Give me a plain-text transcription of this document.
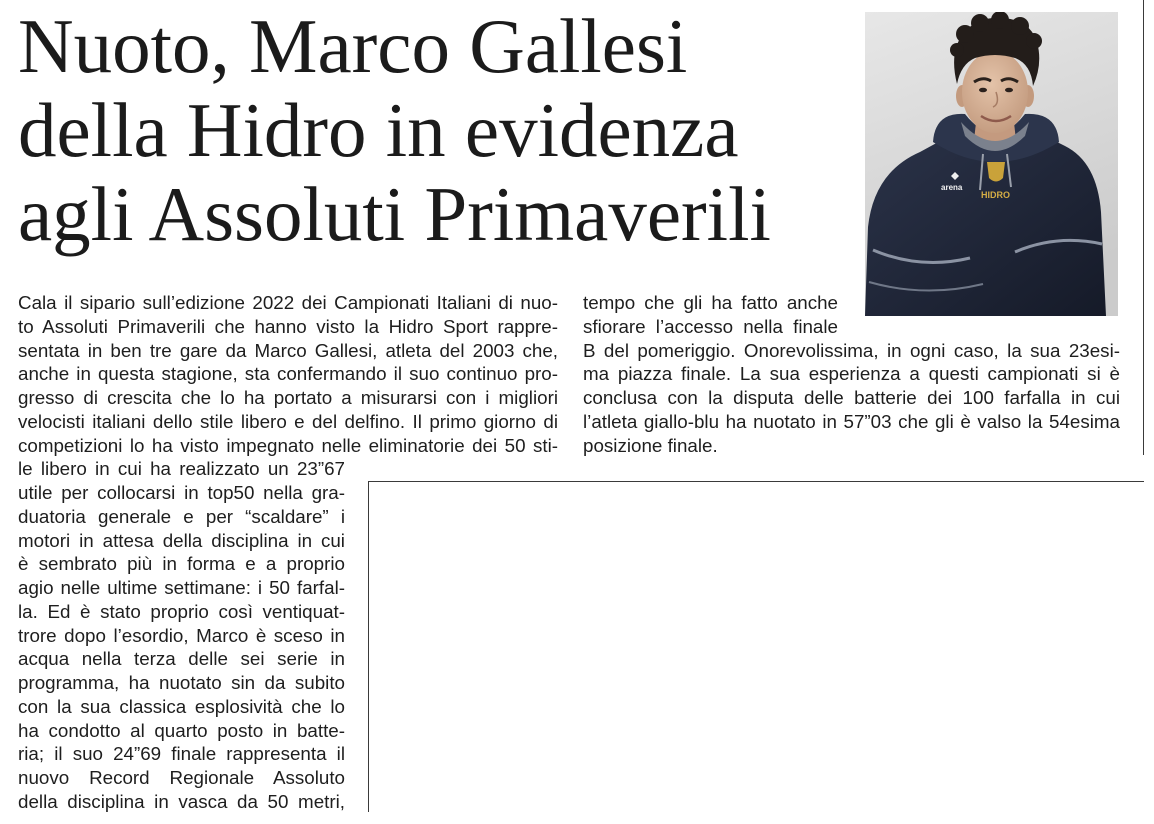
Nuoto, Marco Gallesi
della Hidro in evidenza
agli Assoluti Primaverili	arena
HIDRO
Cala il sipario sull’edizione 2022 dei Campionati Italiani di nuo-
to Assoluti Primaverili che hanno visto la Hidro Sport rappre-
sentata in ben tre gare da Marco Gallesi, atleta del 2003 che,
anche in questa stagione, sta confermando il suo continuo pro-
gresso di crescita che lo ha portato a misurarsi con i migliori
velocisti italiani dello stile libero e del delfino. Il primo giorno di
competizioni lo ha visto impegnato nelle eliminatorie dei 50 sti-
le libero in cui ha realizzato un 23”67
utile per collocarsi in top50 nella gra-
duatoria generale e per “scaldare” i
motori in attesa della disciplina in cui
è sembrato più in forma e a proprio
agio nelle ultime settimane: i 50 farfal-
la. Ed è stato proprio così ventiquat-
trore dopo l’esordio, Marco è sceso in
acqua nella terza delle sei serie in
programma, ha nuotato sin da subito
con la sua classica esplosività che lo
ha condotto al quarto posto in batte-
ria; il suo 24”69 finale rappresenta il
nuovo Record Regionale Assoluto
della disciplina in vasca da 50 metri,
tempo che gli ha fatto anche
sfiorare l’accesso nella finale
B del pomeriggio. Onorevolissima, in ogni caso, la sua 23esi-
ma piazza finale. La sua esperienza a questi campionati si è
conclusa con la disputa delle batterie dei 100 farfalla in cui
l’atleta giallo-blu ha nuotato in 57”03 che gli è valso la 54esima
posizione finale.
